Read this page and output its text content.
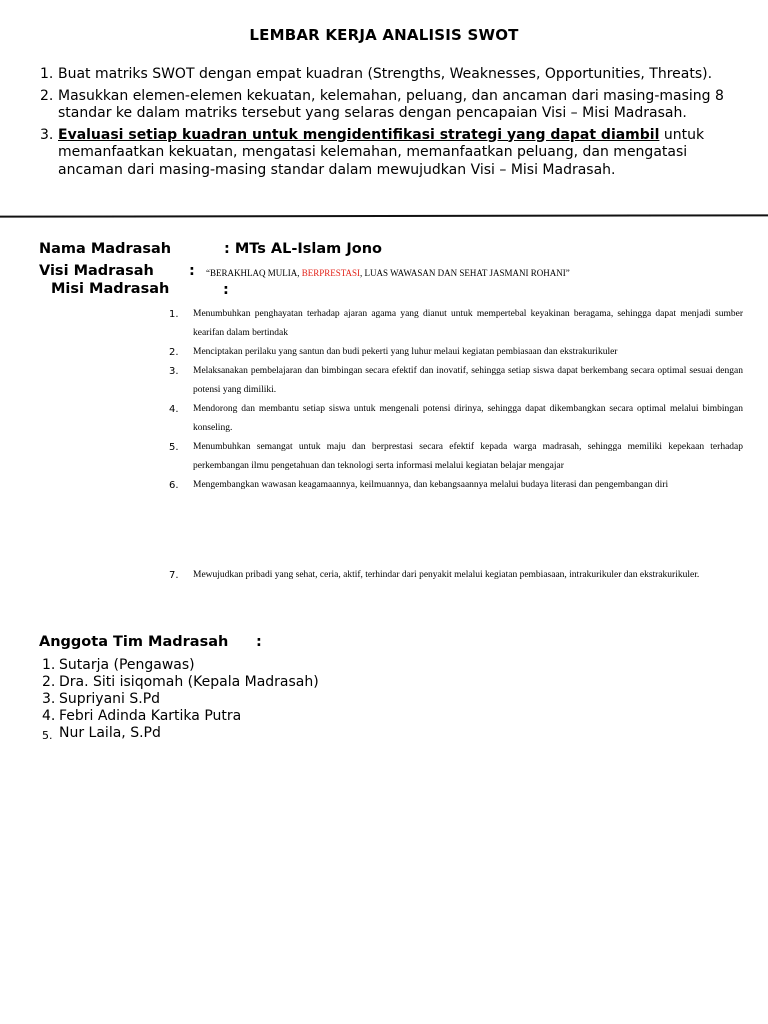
LEMBAR KERJA ANALISIS SWOT
1. Buat matriks SWOT dengan empat kuadran (Strengths, Weaknesses, Opportunities, Threats).
2. Masukkan elemen-elemen kekuatan, kelemahan, peluang, dan ancaman dari masing-masing 8 standar ke dalam matriks tersebut yang selaras dengan pencapaian Visi – Misi Madrasah.
3. Evaluasi setiap kuadran untuk mengidentifikasi strategi yang dapat diambil untuk memanfaatkan kekuatan, mengatasi kelemahan, memanfaatkan peluang, dan mengatasi ancaman dari masing-masing standar dalam mewujudkan Visi – Misi Madrasah.
Nama Madrasah	: MTs AL-Islam Jono
Visi Madrasah : “BERAKHLAQ MULIA, BERPRESTASI, LUAS WAWASAN DAN SEHAT JASMANI ROHANI”
Misi Madrasah	:
1.	Menumbuhkan penghayatan terhadap ajaran agama yang dianut untuk mempertebal keyakinan beragama, sehingga dapat menjadi sumber kearifan dalam bertindak
2.	Menciptakan perilaku yang santun dan budi pekerti yang luhur melaui kegiatan pembiasaan dan ekstrakurikuler
3.	Melaksanakan pembelajaran dan bimbingan secara efektif dan inovatif, sehingga setiap siswa dapat berkembang secara optimal sesuai dengan potensi yang dimiliki.
4.	Mendorong dan membantu setiap siswa untuk mengenali potensi dirinya, sehingga dapat dikembangkan secara optimal melalui bimbingan konseling.
5.	Menumbuhkan semangat untuk maju dan berprestasi secara efektif kepada warga madrasah, sehingga memiliki kepekaan terhadap perkembangan ilmu pengetahuan dan teknologi serta informasi melalui kegiatan belajar mengajar
6.	Mengembangkan wawasan keagamaannya, keilmuannya, dan kebangsaannya melalui budaya literasi dan pengembangan diri
7.	Mewujudkan pribadi yang sehat, ceria, aktif, terhindar dari penyakit melalui kegiatan pembiasaan, intrakurikuler dan ekstrakurikuler.
Anggota Tim Madrasah :
1. Sutarja (Pengawas)
2. Dra. Siti isiqomah (Kepala Madrasah)
3. Supriyani S.Pd
4. Febri Adinda Kartika Putra
5. Nur Laila, S.Pd
